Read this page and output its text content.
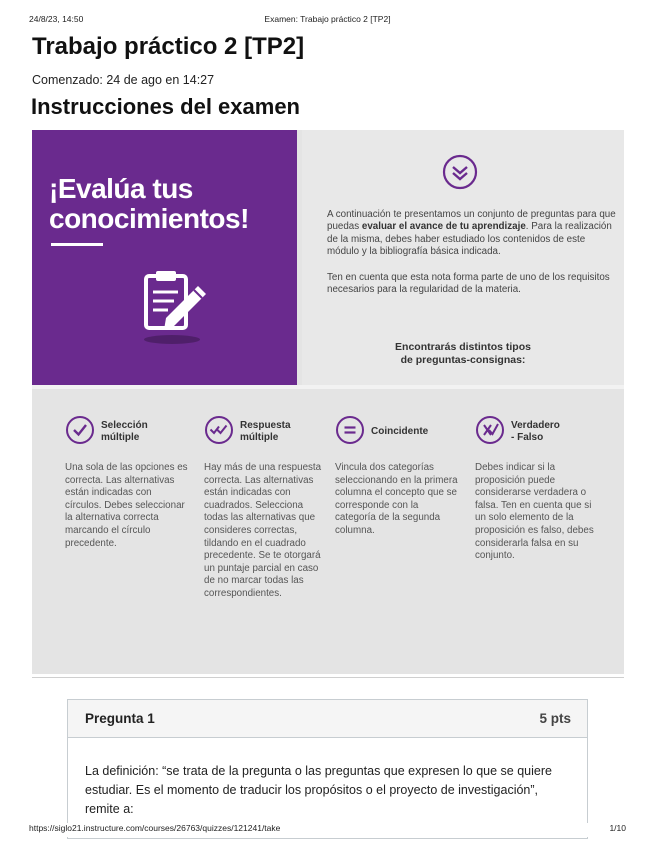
24/8/23, 14:50	Examen: Trabajo práctico 2 [TP2]
Trabajo práctico 2 [TP2]
Comenzado: 24 de ago en 14:27
Instrucciones del examen
¡Evalúa tus
conocimientos!	A continuación te presentamos un conjunto de preguntas para que puedas evaluar el avance de tu aprendizaje. Para la realización de la misma, debes haber estudiado los contenidos de este módulo y la bibliografía básica indicada.

Ten en cuenta que esta nota forma parte de uno de los requisitos necesarios para la regularidad de la materia.

Encontrarás distintos tipos
de preguntas-consignas:
Selección
múltiple
Una sola de las opciones es correcta. Las alternativas están indicadas con círculos. Debes seleccionar la alternativa correcta marcando el círculo precedente.
Respuesta
múltiple
Hay más de una respuesta correcta. Las alternativas están indicadas con cuadrados. Selecciona todas las alternativas que consideres correctas, tildando en el cuadrado precedente. Se te otorgará un puntaje parcial en caso de no marcar todas las correspondientes.
Coincidente
Vincula dos categorías seleccionando en la primera columna el concepto que se corresponde con la categoría de la segunda columna.
Verdadero
- Falso
Debes indicar si la proposición puede considerarse verdadera o falsa. Ten en cuenta que si un solo elemento de la proposición es falso, debes considerarla falsa en su conjunto.
Pregunta 1	5 pts
La definición: “se trata de la pregunta o las preguntas que expresen lo que se quiere estudiar. Es el momento de traducir los propósitos o el proyecto de investigación”, remite a:
https://siglo21.instructure.com/courses/26763/quizzes/121241/take	1/10
